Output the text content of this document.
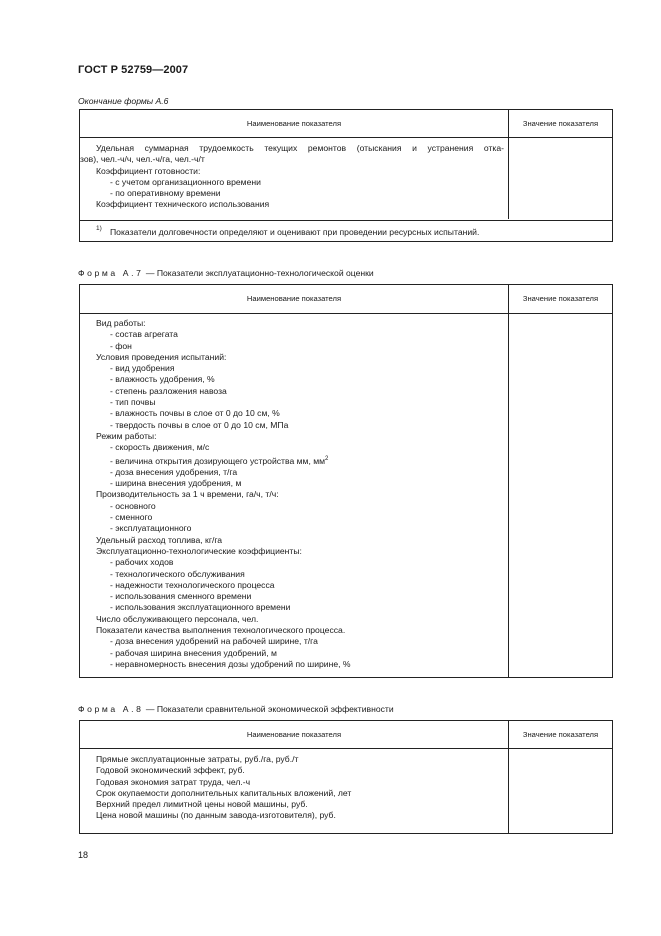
ГОСТ Р 52759—2007
Окончание формы А.6
Наименование показателя	Значение показателя
Удельная суммарная трудоемкость текущих ремонтов (отыскания и устранения отка-
зов), чел.-ч/ч, чел.-ч/га, чел.-ч/т
Коэффициент готовности:
- с учетом организационного времени
- по оперативному времени
Коэффициент технического использования
1) Показатели долговечности определяют и оценивают при проведении ресурсных испытаний.
Форма А.7 — Показатели эксплуатационно-технологической оценки
Наименование показателя	Значение показателя
Вид работы:
- состав агрегата
- фон
Условия проведения испытаний:
- вид удобрения
- влажность удобрения, %
- степень разложения навоза
- тип почвы
- влажность почвы в слое от 0 до 10 см, %
- твердость почвы в слое от 0 до 10 см, МПа
Режим работы:
- скорость движения, м/с
- величина открытия дозирующего устройства мм, $мм^2$
- доза внесения удобрения, т/га
- ширина внесения удобрения, м
Производительность за 1 ч времени, га/ч, т/ч:
- основного
- сменного
- эксплуатационного
Удельный расход топлива, кг/га
Эксплуатационно-технологические коэффициенты:
- рабочих ходов
- технологического обслуживания
- надежности технологического процесса
- использования сменного времени
- использования эксплуатационного времени
Число обслуживающего персонала, чел.
Показатели качества выполнения технологического процесса.
- доза внесения удобрений на рабочей ширине, т/га
- рабочая ширина внесения удобрений, м
- неравномерность внесения дозы удобрений по ширине, %
Форма А.8 — Показатели сравнительной экономической эффективности
Наименование показателя	Значение показателя
Прямые эксплуатационные затраты, руб./га, руб./т
Годовой экономический эффект, руб.
Годовая экономия затрат труда, чел.-ч
Срок окупаемости дополнительных капитальных вложений, лет
Верхний предел лимитной цены новой машины, руб.
Цена новой машины (по данным завода-изготовителя), руб.
18
